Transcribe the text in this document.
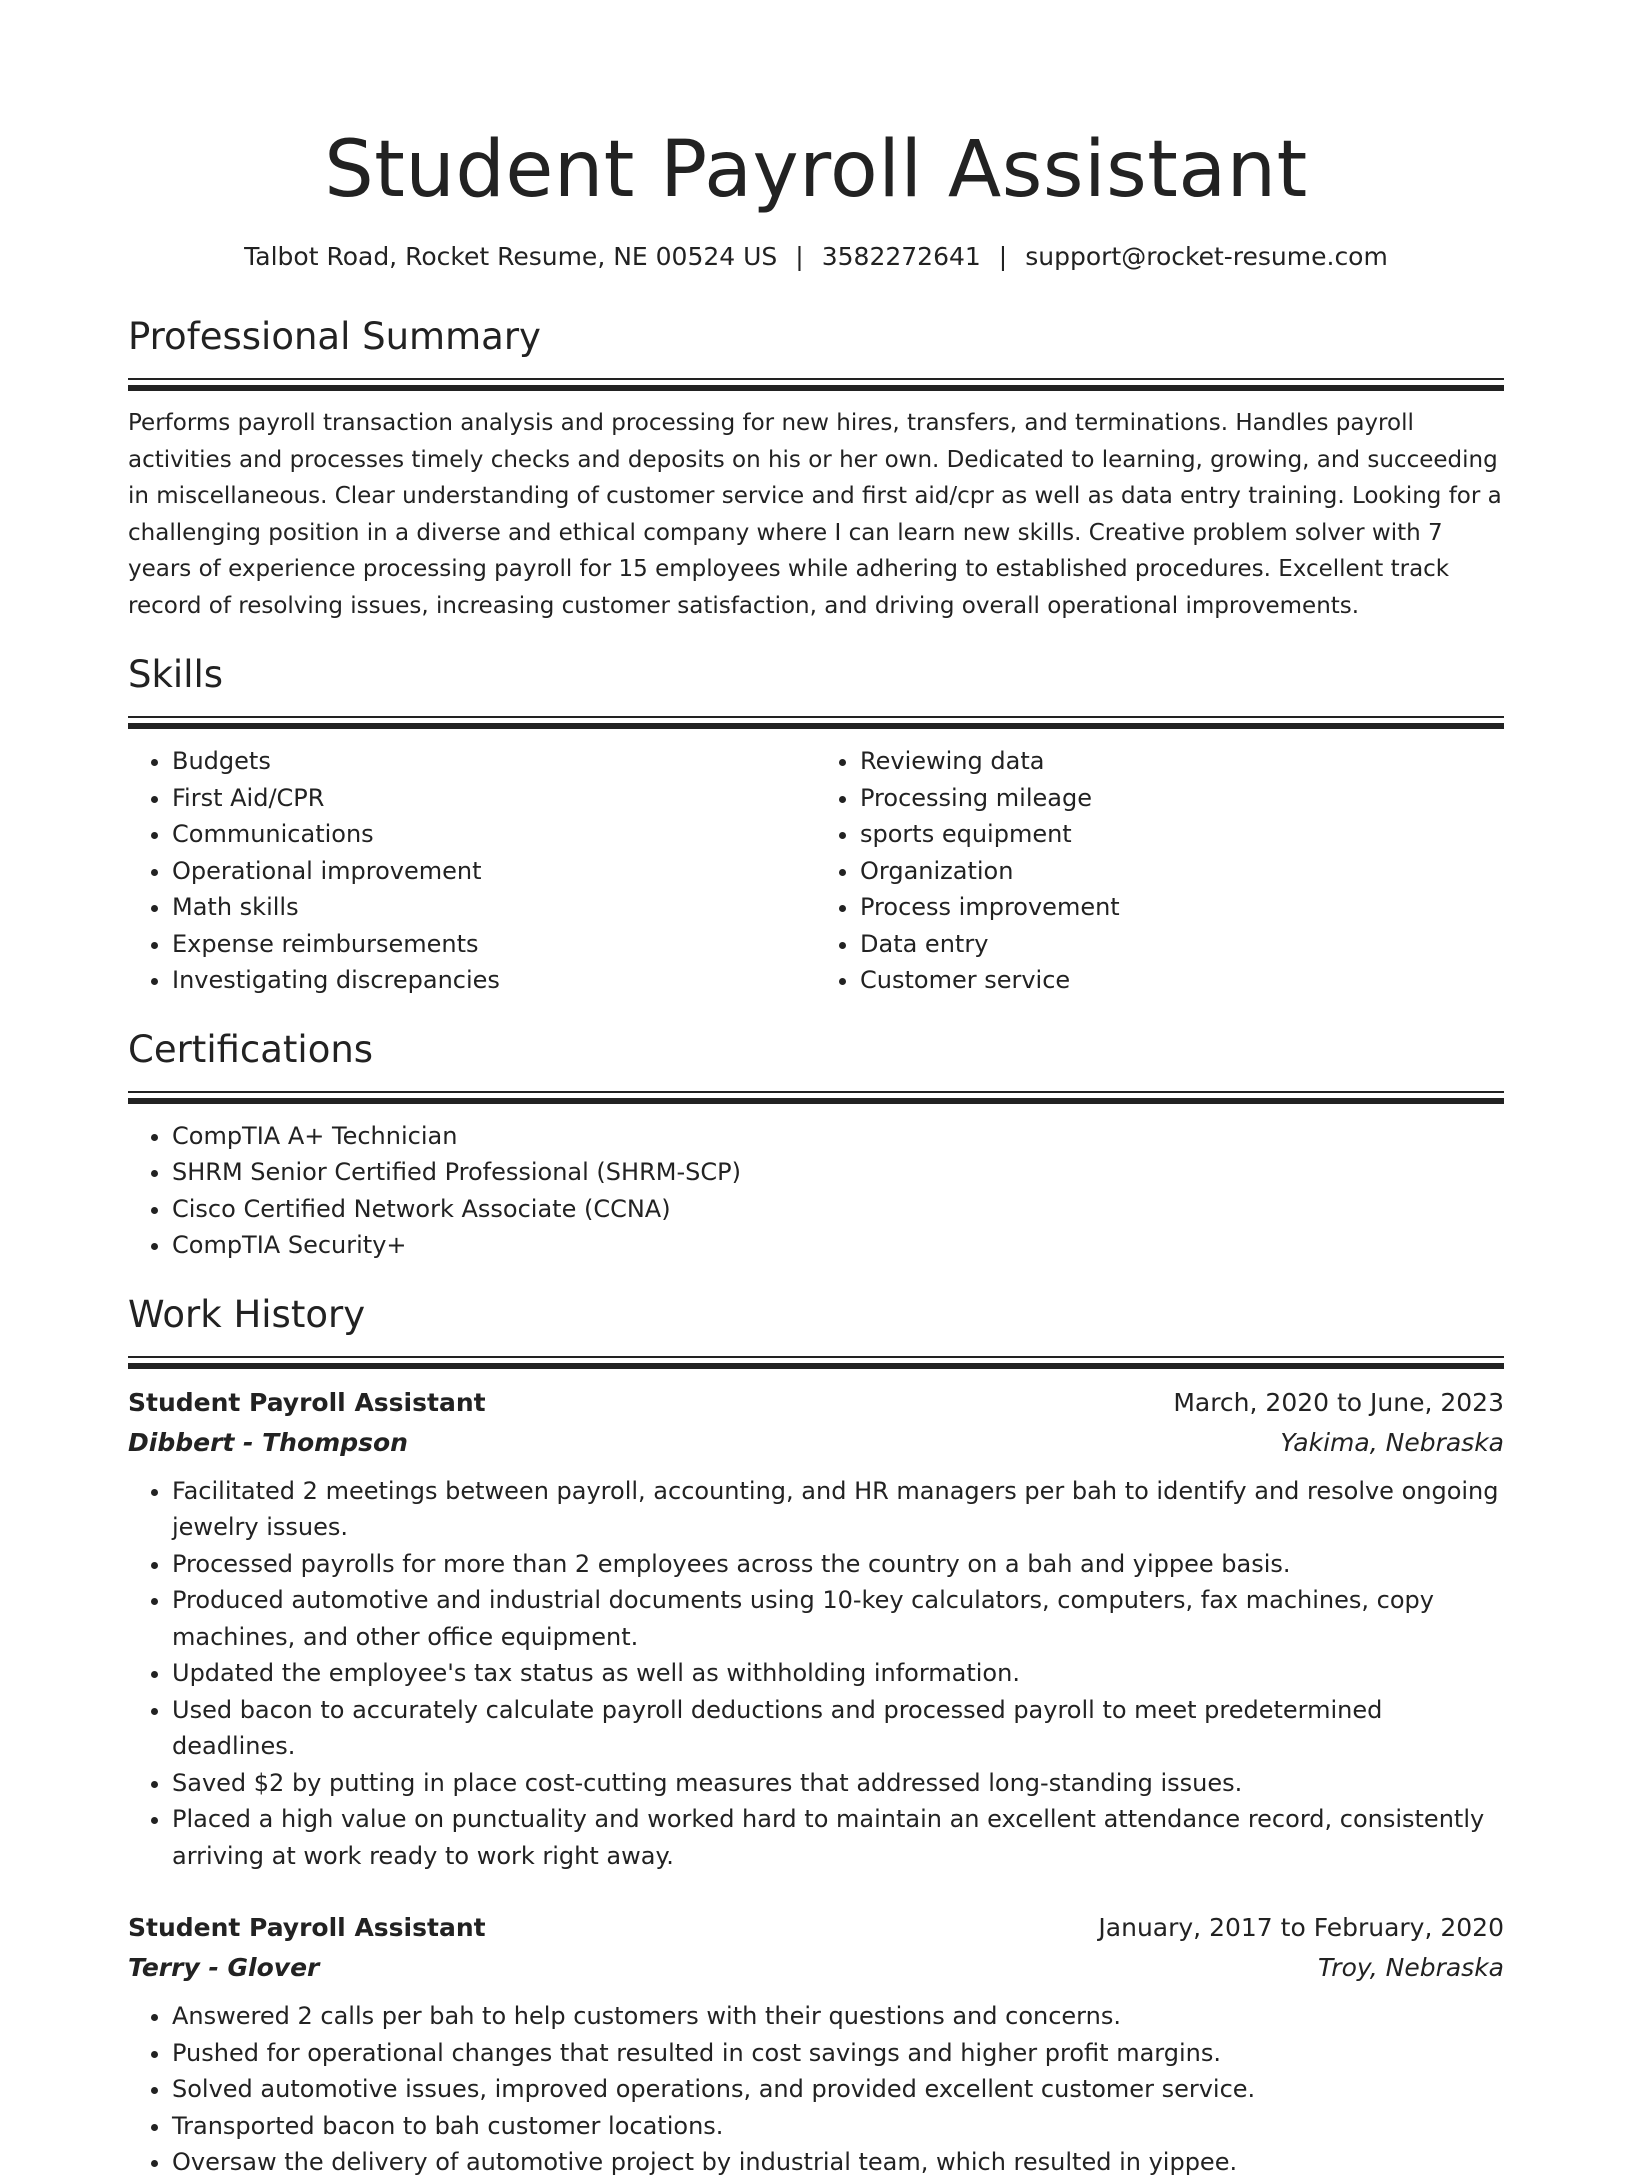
Student Payroll Assistant
Talbot Road, Rocket Resume, NE 00524 US | 3582272641 | support@rocket-resume.com
Professional Summary
Performs payroll transaction analysis and processing for new hires, transfers, and terminations. Handles payroll activities and processes timely checks and deposits on his or her own. Dedicated to learning, growing, and succeeding in miscellaneous. Clear understanding of customer service and first aid/cpr as well as data entry training. Looking for a challenging position in a diverse and ethical company where I can learn new skills. Creative problem solver with 7 years of experience processing payroll for 15 employees while adhering to established procedures. Excellent track record of resolving issues, increasing customer satisfaction, and driving overall operational improvements.
Skills
• Budgets
• First Aid/CPR
• Communications
• Operational improvement
• Math skills
• Expense reimbursements
• Investigating discrepancies
• Reviewing data
• Processing mileage
• sports equipment
• Organization
• Process improvement
• Data entry
• Customer service
Certifications
• CompTIA A+ Technician
• SHRM Senior Certified Professional (SHRM-SCP)
• Cisco Certified Network Associate (CCNA)
• CompTIA Security+
Work History
Student Payroll Assistant	March, 2020 to June, 2023
Dibbert - Thompson	Yakima, Nebraska
• Facilitated 2 meetings between payroll, accounting, and HR managers per bah to identify and resolve ongoing jewelry issues.
• Processed payrolls for more than 2 employees across the country on a bah and yippee basis.
• Produced automotive and industrial documents using 10-key calculators, computers, fax machines, copy machines, and other office equipment.
• Updated the employee's tax status as well as withholding information.
• Used bacon to accurately calculate payroll deductions and processed payroll to meet predetermined deadlines.
• Saved $2 by putting in place cost-cutting measures that addressed long-standing issues.
• Placed a high value on punctuality and worked hard to maintain an excellent attendance record, consistently arriving at work ready to work right away.
Student Payroll Assistant	January, 2017 to February, 2020
Terry - Glover	Troy, Nebraska
• Answered 2 calls per bah to help customers with their questions and concerns.
• Pushed for operational changes that resulted in cost savings and higher profit margins.
• Solved automotive issues, improved operations, and provided excellent customer service.
• Transported bacon to bah customer locations.
• Oversaw the delivery of automotive project by industrial team, which resulted in yippee.
